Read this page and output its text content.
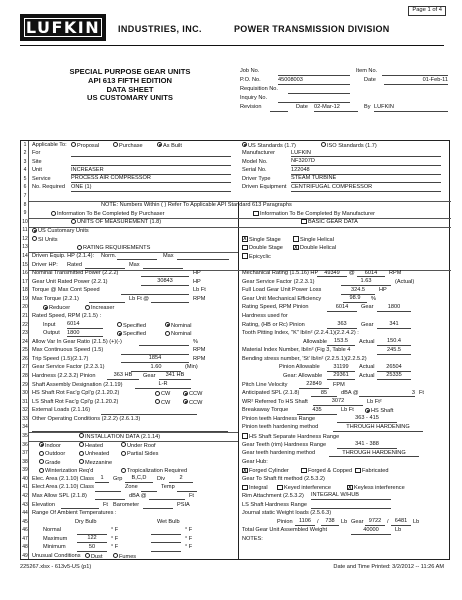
Page 1 of 4
LUFKIN INDUSTRIES, INC.	POWER TRANSMISSION DIVISION
SPECIAL PURPOSE GEAR UNITS
API 613 FIFTH EDITION
DATA SHEET
US CUSTOMARY UNITS
Job No.	Item No.
P.O. No.	45008003	Date	01-Feb-11
Requisition No.
Inquiry No.
Revision	Date 02-Mar-12	By LUFKIN
1	Applicable To:	Proposal	Purchase	As Built	US Standards (1.7)	ISO Standards (1.7)
2	For	Manufacturer	LUFKIN
3	Site	Model No.	NF3207D
4	Unit	INCREASER	Serial No.	122048
5	Service	PROCESS AIR COMPRESSOR	Driver Type	STEAM TURBINE
6	No. Required ONE (1)	Driven Equipment CENTRIFUGAL COMPRESSOR
7
8	NOTE: Numbers Within ( ) Refer To Applicable API Standard 613 Paragraphs
9	Information To Be Completed By Purchaser	Information To Be Completed By Manufacturer
10	UNITS OF MEASUREMENT (1.8)	BASIC GEAR DATA
11	US Customary Units
12	SI Units	X Single Stage	Single Helical
13	RATING REQUIREMENTS	Double Stage X Double Helical
14 Driven Equip. HP (2.1.4): Norm.	Max	Epicyclic
15 Driver HP: Rated	Max
16 Nominal Transmitted Power (2.2.2)	HP	Mechanical Rating (1.5.16) HP	49349	@	6014	RPM
17 Gear Unit Rated Power (2.2.1)	30843	HP	Gear Service Factor (2.2.3.1)	1.63	(Actual)
18 Torque @ Max Cont Speed	Lb Ft	Full Load Gear Unit Power Loss	324.5	HP
19 Max Torque (2.2.1)	Lb Ft @	RPM	Gear Unit Mechanical Efficiency	98.9	%
20	Reducer	Increaser	Rating Speed, RPM Pinion	6014	Gear	1800
21 Rated Speed, RPM (2.1.5) :	Hardness used for
22	Input 6014	Specified	Nominal	Rating, (HB or Rc) Pinion	363	Gear	341
23	Output 1800	Specified	Nominal	Tooth Pitting Index, "K" lb/in² (2.2.4.1)(2.2.4.2) :
24 Allow Var In Gear Ratio (2.1.5) (+)(-)	%	Allowable	153.5	Actual	150.4
25 Max Continuous Speed (1.5)	RPM	Material Index Number, lb/in² (Fig 3, Table 4	245.5
26 Trip Speed (1.5)(2.1.7)	1854	RPM	Bending stress number, 'St' lb/in² (2.2.5.1)(2.2.5.2)
27 Gear Service Factor (2.2.3.1)	1.60	(Min)	Pinion Allowable	31199	Actual	26504
28 Hardness (2.2.3.2) Pinion	363 HB	Gear	341 HB	Gear: Allowable	29361	Actual	25335
29 Shaft Assembly Designation (2.1.19)	L-R	Pitch Line Velocity	22849	FPM
30 HS Shaft Rot Fac'g Cpl'g (2.1.20.2)	CW	CCW	Anticipated SPL (2.1.8)	85	dBA @	3 Ft
31 LS Shaft Rot Fac'g Cpl'g (2.1.20.2)	CW	CCW	WR² Referred To HS Shaft	3072	Lb Ft²
32 External Loads (2.1.16)	Breakaway Torque	435	Lb Ft	HS Shaft
33 Other Operating Conditions (2.2.2) (2.6.1.3)	Pinion teeth Hardness Range	363 - 415
34	Pinion teeth hardening method	THROUGH HARDENING
35	INSTALLATION DATA (2.1.14)	HS Shaft Separate Hardness Range
36	Indoor	Heated	Under Roof	Gear Teeth (rim) Hardness Range	341 - 388
37	Outdoor	Unheated	Partial Sides	Gear teeth hardening method	THROUGH HARDENING
38	Grade	Mezzanine	Gear Hub:
39	Winterization Req'd	Tropicalization Required	X Forged Cylinder	Forged & Copped	Fabricated
40 Elec. Area (2.1.10) Class	1	Grp	B,C,D	Div	2	Gear To Shaft fit method (2.5.3.2)
41 Elect Area (2.1.10) Class	Zone	Temp	Integral	Keyed interference	X Keyless interference
42 Max Allow SPL (2.1.8)	dBA @	Ft	Rim Attachment (2.5.3.2) INTEGRAL W/HUB
43 Elevation	Ft Barometer	PSIA	LS Shaft Hardness Range
44 Range Of Ambient Temperatures :	Journal static Weight loads (2.5.6.3)
45	Dry Bulb	Wet Bulb	Pinion	1106	/	738	Lb Gear 9722	/	6481	Lb
46	Normal	° F	° F	Total Gear Unit Assembled Weight	40000	Lb
47	Maximum	122	° F	° F	NOTES:
48	Minimum	50	° F	° F
49 Unusual Conditions	Dust	Fumes
225267.xlsx - 613v5-US (p1)	Date and Time Printed: 3/2/2012 -- 11:26 AM
